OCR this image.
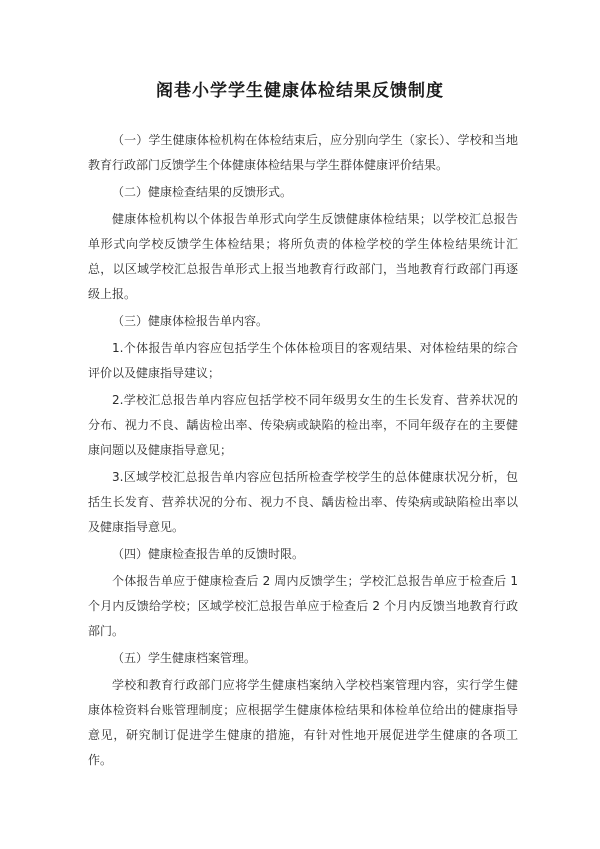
阁巷小学学生健康体检结果反馈制度

（一）学生健康体检机构在体检结束后，应分别向学生（家长）、学校和当地教育行政部门反馈学生个体健康体检结果与学生群体健康评价结果。

（二）健康检查结果的反馈形式。

健康体检机构以个体报告单形式向学生反馈健康体检结果；以学校汇总报告单形式向学校反馈学生体检结果；将所负责的体检学校的学生体检结果统计汇总，以区域学校汇总报告单形式上报当地教育行政部门，当地教育行政部门再逐级上报。

（三）健康体检报告单内容。

1.个体报告单内容应包括学生个体体检项目的客观结果、对体检结果的综合评价以及健康指导建议；

2.学校汇总报告单内容应包括学校不同年级男女生的生长发育、营养状况的分布、视力不良、龋齿检出率、传染病或缺陷的检出率，不同年级存在的主要健康问题以及健康指导意见；

3.区域学校汇总报告单内容应包括所检查学校学生的总体健康状况分析，包括生长发育、营养状况的分布、视力不良、龋齿检出率、传染病或缺陷检出率以及健康指导意见。

（四）健康检查报告单的反馈时限。

个体报告单应于健康检查后 2 周内反馈学生；学校汇总报告单应于检查后 1 个月内反馈给学校；区域学校汇总报告单应于检查后 2 个月内反馈当地教育行政部门。

（五）学生健康档案管理。

学校和教育行政部门应将学生健康档案纳入学校档案管理内容，实行学生健康体检资料台账管理制度；应根据学生健康体检结果和体检单位给出的健康指导意见，研究制订促进学生健康的措施，有针对性地开展促进学生健康的各项工作。
